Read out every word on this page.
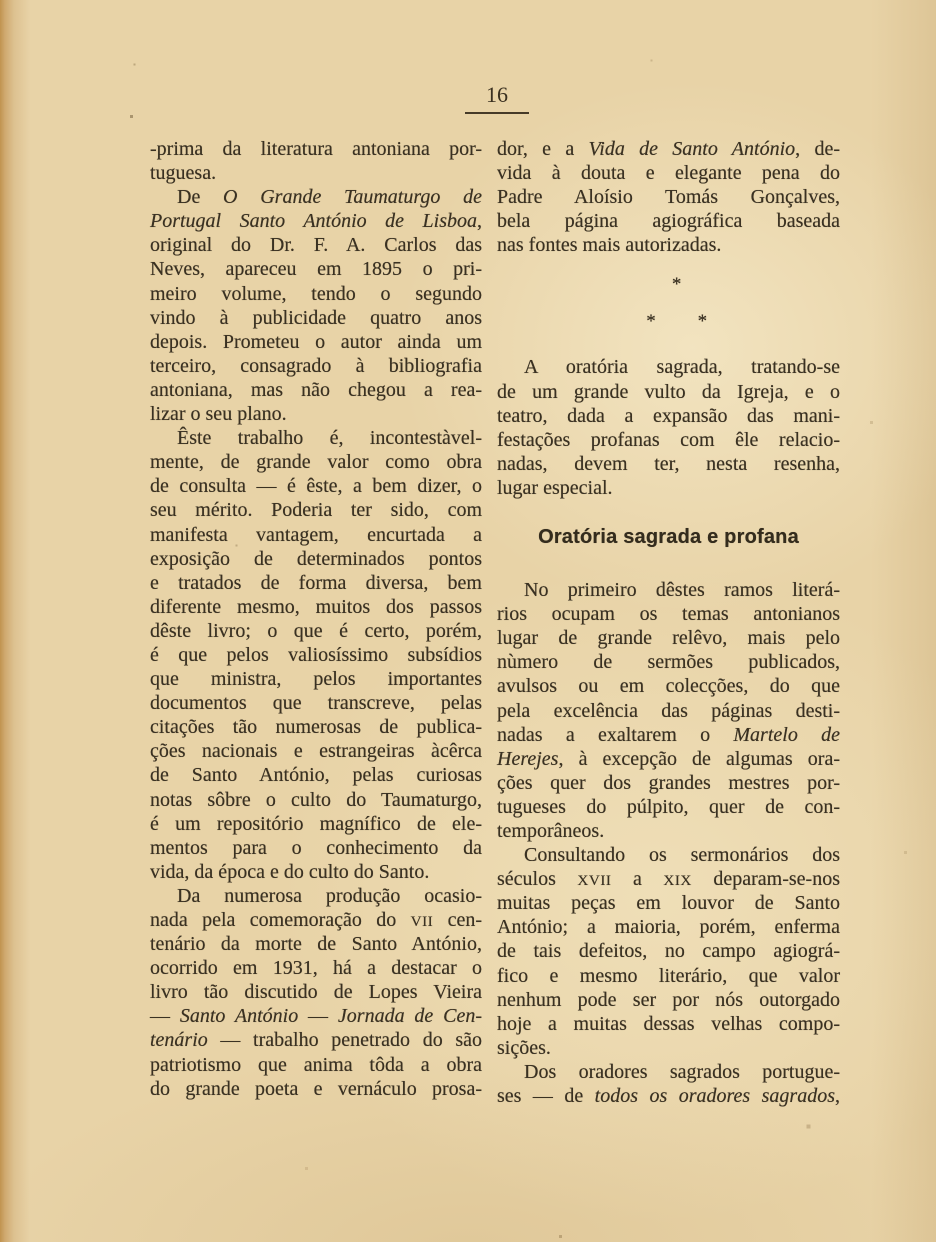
16
-prima da literatura antoniana por-
tuguesa.
De O Grande Taumaturgo de
Portugal Santo António de Lisboa,
original do Dr. F. A. Carlos das
Neves, apareceu em 1895 o pri-
meiro volume, tendo o segundo
vindo à publicidade quatro anos
depois. Prometeu o autor ainda um
terceiro, consagrado à bibliografia
antoniana, mas não chegou a rea-
lizar o seu plano.
Êste trabalho é, incontestàvel-
mente, de grande valor como obra
de consulta — é êste, a bem dizer, o
seu mérito. Poderia ter sido, com
manifesta vantagem, encurtada a
exposição de determinados pontos
e tratados de forma diversa, bem
diferente mesmo, muitos dos passos
dêste livro; o que é certo, porém,
é que pelos valiosíssimo subsídios
que ministra, pelos importantes
documentos que transcreve, pelas
citações tão numerosas de publica-
ções nacionais e estrangeiras àcêrca
de Santo António, pelas curiosas
notas sôbre o culto do Taumaturgo,
é um repositório magnífico de ele-
mentos para o conhecimento da
vida, da época e do culto do Santo.
Da numerosa produção ocasio-
nada pela comemoração do VII cen-
tenário da morte de Santo António,
ocorrido em 1931, há a destacar o
livro tão discutido de Lopes Vieira
— Santo António — Jornada de Cen-
tenário — trabalho penetrado do são
patriotismo que anima tôda a obra
do grande poeta e vernáculo prosa-
dor, e a Vida de Santo António, de-
vida à douta e elegante pena do
Padre Aloísio Tomás Gonçalves,
bela página agiográfica baseada
nas fontes mais autorizadas.
*
* *
A oratória sagrada, tratando-se
de um grande vulto da Igreja, e o
teatro, dada a expansão das mani-
festações profanas com êle relacio-
nadas, devem ter, nesta resenha,
lugar especial.
Oratória sagrada e profana
No primeiro dêstes ramos literá-
rios ocupam os temas antonianos
lugar de grande relêvo, mais pelo
nùmero de sermões publicados,
avulsos ou em colecções, do que
pela excelência das páginas desti-
nadas a exaltarem o Martelo de
Herejes, à excepção de algumas ora-
ções quer dos grandes mestres por-
tugueses do púlpito, quer de con-
temporâneos.
Consultando os sermonários dos
séculos XVII a XIX deparam-se-nos
muitas peças em louvor de Santo
António; a maioria, porém, enferma
de tais defeitos, no campo agiográ-
fico e mesmo literário, que valor
nenhum pode ser por nós outorgado
hoje a muitas dessas velhas compo-
sições.
Dos oradores sagrados portugue-
ses — de todos os oradores sagrados,
